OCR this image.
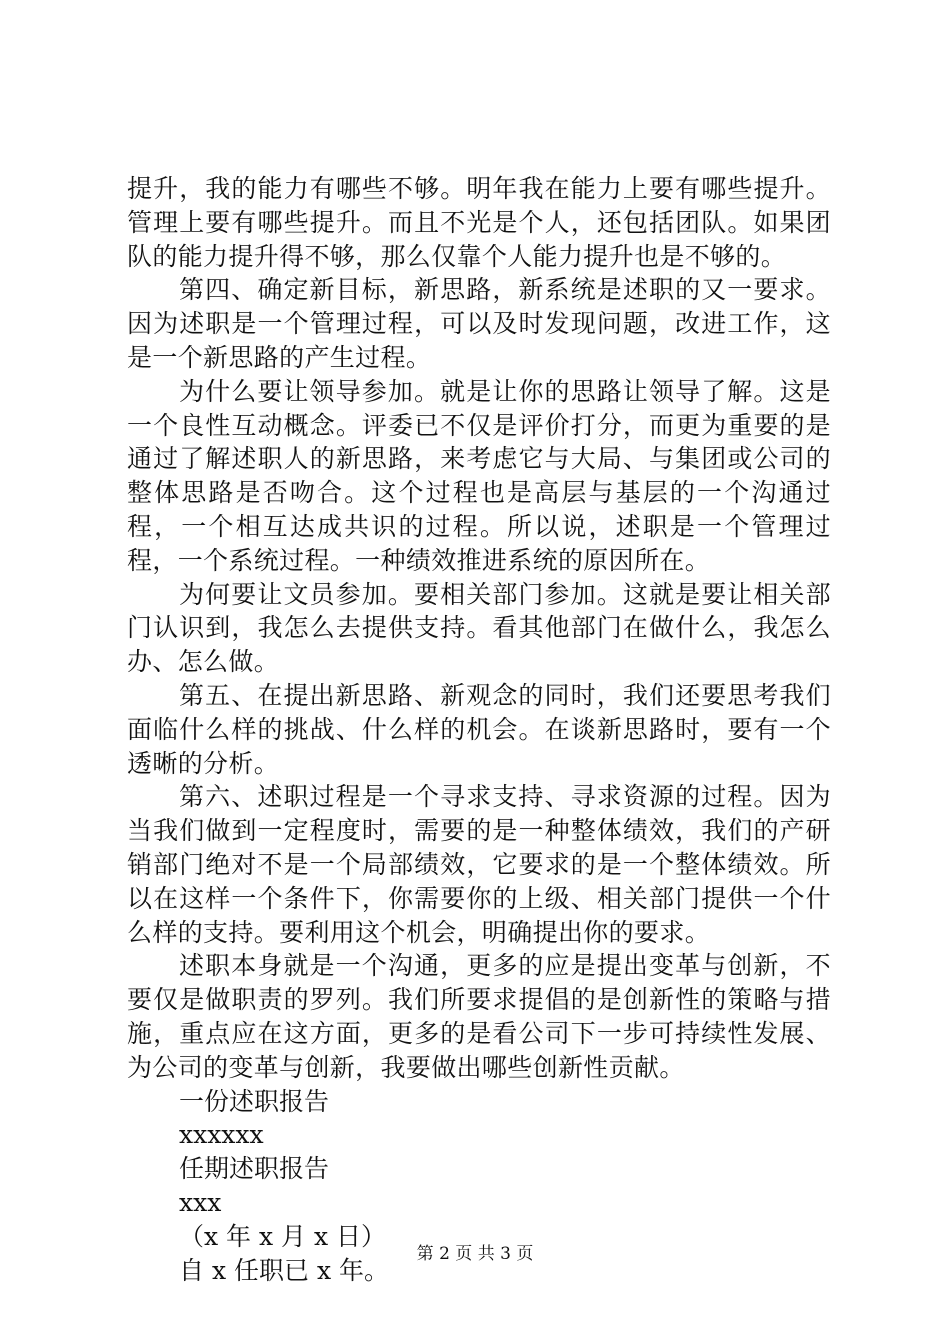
提升，我的能力有哪些不够。明年我在能力上要有哪些提升。管理上要有哪些提升。而且不光是个人，还包括团队。如果团队的能力提升得不够，那么仅靠个人能力提升也是不够的。

第四、确定新目标，新思路，新系统是述职的又一要求。因为述职是一个管理过程，可以及时发现问题，改进工作，这是一个新思路的产生过程。

为什么要让领导参加。就是让你的思路让领导了解。这是一个良性互动概念。评委已不仅是评价打分，而更为重要的是通过了解述职人的新思路，来考虑它与大局、与集团或公司的整体思路是否吻合。这个过程也是高层与基层的一个沟通过程，一个相互达成共识的过程。所以说，述职是一个管理过程，一个系统过程。一种绩效推进系统的原因所在。

为何要让文员参加。要相关部门参加。这就是要让相关部门认识到，我怎么去提供支持。看其他部门在做什么，我怎么办、怎么做。

第五、在提出新思路、新观念的同时，我们还要思考我们面临什么样的挑战、什么样的机会。在谈新思路时，要有一个透晰的分析。

第六、述职过程是一个寻求支持、寻求资源的过程。因为当我们做到一定程度时，需要的是一种整体绩效，我们的产研销部门绝对不是一个局部绩效，它要求的是一个整体绩效。所以在这样一个条件下，你需要你的上级、相关部门提供一个什么样的支持。要利用这个机会，明确提出你的要求。

述职本身就是一个沟通，更多的应是提出变革与创新，不要仅是做职责的罗列。我们所要求提倡的是创新性的策略与措施，重点应在这方面，更多的是看公司下一步可持续性发展、为公司的变革与创新，我要做出哪些创新性贡献。

一份述职报告

xxxxxx

任期述职报告

xxx

（x 年 x 月 x 日）

自 x 任职已 x 年。

第 2 页 共 3 页
